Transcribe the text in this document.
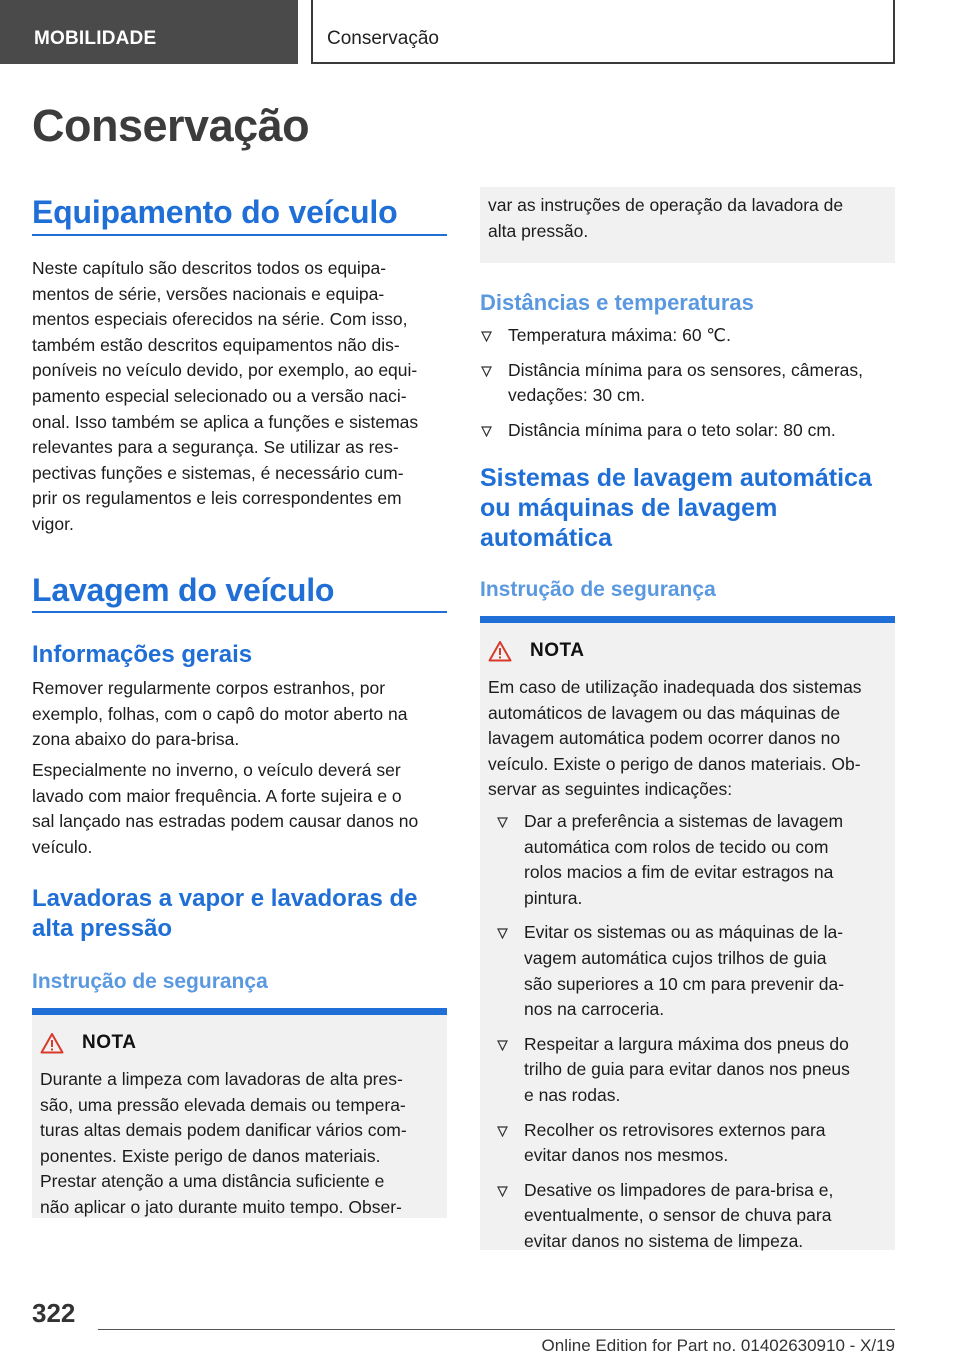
MOBILIDADE	Conservação
Conservação
Equipamento do veículo
Neste capítulo são descritos todos os equipa-
mentos de série, versões nacionais e equipa-
mentos especiais oferecidos na série. Com isso,
também estão descritos equipamentos não dis-
poníveis no veículo devido, por exemplo, ao equi-
pamento especial selecionado ou a versão naci-
onal. Isso também se aplica a funções e sistemas
relevantes para a segurança. Se utilizar as res-
pectivas funções e sistemas, é necessário cum-
prir os regulamentos e leis correspondentes em
vigor.
Lavagem do veículo
Informações gerais
Remover regularmente corpos estranhos, por
exemplo, folhas, com o capô do motor aberto na
zona abaixo do para-brisa.
Especialmente no inverno, o veículo deverá ser
lavado com maior frequência. A forte sujeira e o
sal lançado nas estradas podem causar danos no
veículo.
Lavadoras a vapor e lavadoras de
alta pressão
Instrução de segurança
NOTA
Durante a limpeza com lavadoras de alta pres-
são, uma pressão elevada demais ou tempera-
turas altas demais podem danificar vários com-
ponentes. Existe perigo de danos materiais.
Prestar atenção a uma distância suficiente e
não aplicar o jato durante muito tempo. Obser-
var as instruções de operação da lavadora de
alta pressão.
Distâncias e temperaturas
Temperatura máxima: 60 ℃.
Distância mínima para os sensores, câmeras,
vedações: 30 cm.
Distância mínima para o teto solar: 80 cm.
Sistemas de lavagem automática
ou máquinas de lavagem
automática
Instrução de segurança
NOTA
Em caso de utilização inadequada dos sistemas
automáticos de lavagem ou das máquinas de
lavagem automática podem ocorrer danos no
veículo. Existe o perigo de danos materiais. Ob-
servar as seguintes indicações:
Dar a preferência a sistemas de lavagem
automática com rolos de tecido ou com
rolos macios a fim de evitar estragos na
pintura.
Evitar os sistemas ou as máquinas de la-
vagem automática cujos trilhos de guia
são superiores a 10 cm para prevenir da-
nos na carroceria.
Respeitar a largura máxima dos pneus do
trilho de guia para evitar danos nos pneus
e nas rodas.
Recolher os retrovisores externos para
evitar danos nos mesmos.
Desative os limpadores de para-brisa e,
eventualmente, o sensor de chuva para
evitar danos no sistema de limpeza.
322
Online Edition for Part no. 01402630910 - X/19
